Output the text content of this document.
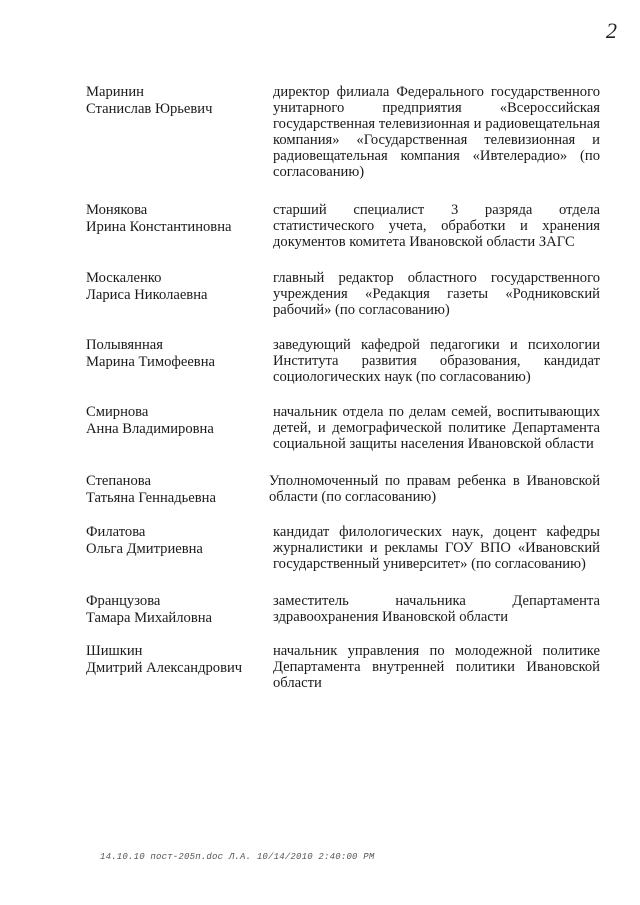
2
Маринин
Станислав Юрьевич
директор филиала Федерального государственного унитарного предприятия «Всероссийская государственная телевизионная и радиовещательная компания» «Государственная телевизионная и радиовещательная компания «Ивтелерадио» (по согласованию)
Монякова
Ирина Константиновна
старший специалист 3 разряда отдела статистического учета, обработки и хранения документов комитета Ивановской области ЗАГС
Москаленко
Лариса Николаевна
главный редактор областного государственного учреждения «Редакция газеты «Родниковский рабочий» (по согласованию)
Полывянная
Марина Тимофеевна
заведующий кафедрой педагогики и психологии Института развития образования, кандидат социологических наук (по согласованию)
Смирнова
Анна Владимировна
начальник отдела по делам семей, воспитывающих детей, и демографической политике Департамента социальной защиты населения Ивановской области
Степанова
Татьяна Геннадьевна
Уполномоченный по правам ребенка в Ивановской области (по согласованию)
Филатова
Ольга Дмитриевна
кандидат филологических наук, доцент кафедры журналистики и рекламы ГОУ ВПО «Ивановский государственный университет» (по согласованию)
Французова
Тамара Михайловна
заместитель начальника Департамента здравоохранения Ивановской области
Шишкин
Дмитрий Александрович
начальник управления по молодежной политике Департамента внутренней политики Ивановской области
14.10.10 пост-205п.doc Л.А. 10/14/2010 2:40:00 PM
